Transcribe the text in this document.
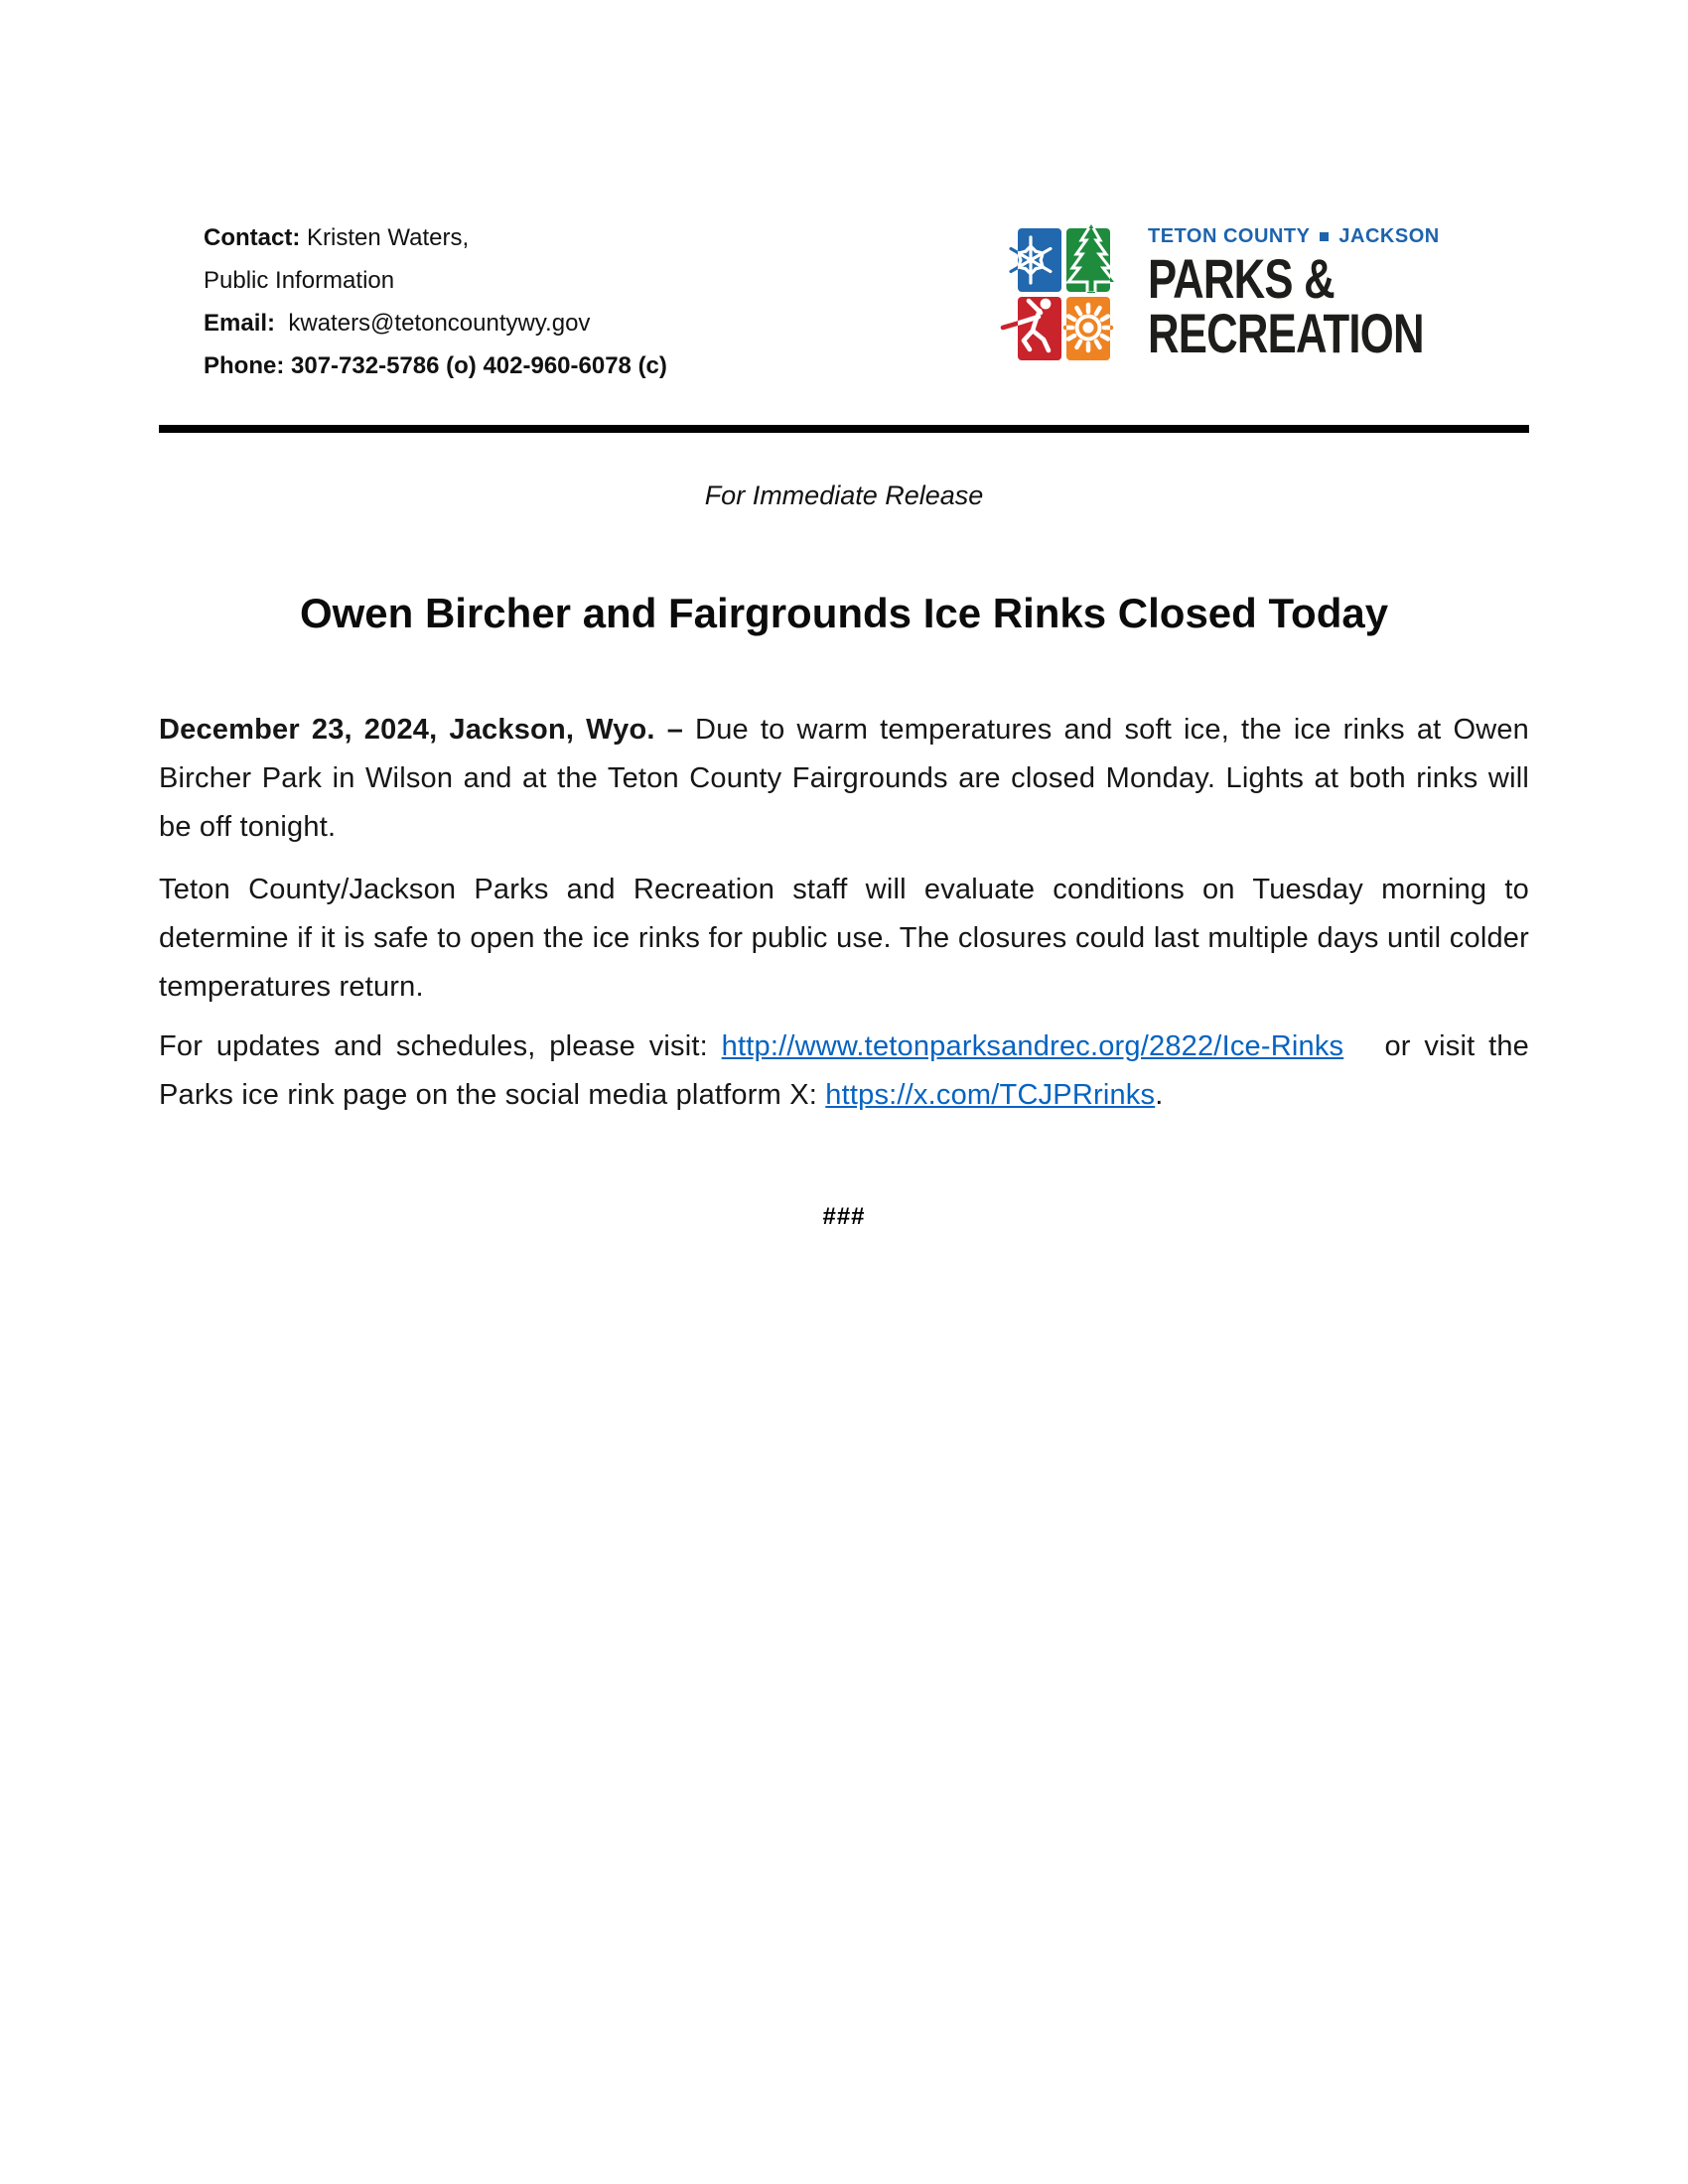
Contact: Kristen Waters,
Public Information
Email:  kwaters@tetoncountywy.gov
Phone: 307-732-5786 (o) 402-960-6078 (c)
TETON COUNTY JACKSON
PARKS &
RECREATION
For Immediate Release
Owen Bircher and Fairgrounds Ice Rinks Closed Today

December 23, 2024, Jackson, Wyo. – Due to warm temperatures and soft ice, the ice rinks at Owen Bircher Park in Wilson and at the Teton County Fairgrounds are closed Monday. Lights at both rinks will be off tonight.

Teton County/Jackson Parks and Recreation staff will evaluate conditions on Tuesday morning to determine if it is safe to open the ice rinks for public use. The closures could last multiple days until colder temperatures return.

For updates and schedules, please visit: http://www.tetonparksandrec.org/2822/Ice-Rinks   or visit the Parks ice rink page on the social media platform X: https://x.com/TCJPRrinks.

###
